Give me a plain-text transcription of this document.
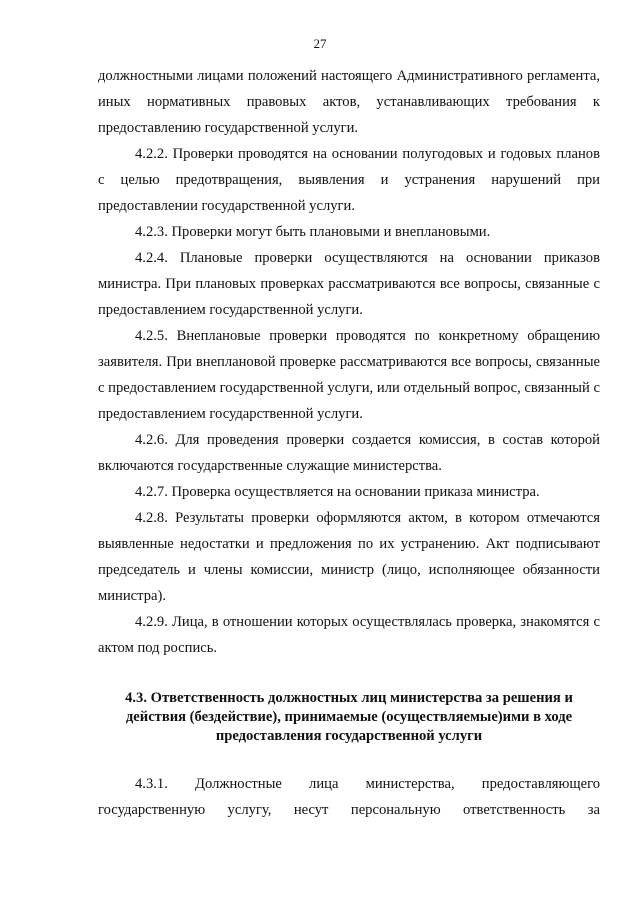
27

должностными лицами положений настоящего Административного регламента, иных нормативных правовых актов, устанавливающих требования к предоставлению государственной услуги.

4.2.2. Проверки проводятся на основании полугодовых и годовых планов с целью предотвращения, выявления и устранения нарушений при предоставлении государственной услуги.

4.2.3. Проверки могут быть плановыми и внеплановыми.

4.2.4. Плановые проверки осуществляются на основании приказов министра. При плановых проверках рассматриваются все вопросы, связанные с предоставлением государственной услуги.

4.2.5. Внеплановые проверки проводятся по конкретному обращению заявителя. При внеплановой проверке рассматриваются все вопросы, связанные с предоставлением государственной услуги, или отдельный вопрос, связанный с предоставлением государственной услуги.

4.2.6. Для проведения проверки создается комиссия, в состав которой включаются государственные служащие министерства.

4.2.7. Проверка осуществляется на основании приказа министра.

4.2.8. Результаты проверки оформляются актом, в котором отмечаются выявленные недостатки и предложения по их устранению. Акт подписывают председатель и члены комиссии, министр (лицо, исполняющее обязанности министра).

4.2.9. Лица, в отношении которых осуществлялась проверка, знакомятся с актом под роспись.

4.3. Ответственность должностных лиц министерства за решения и
действия (бездействие), принимаемые (осуществляемые)ими в ходе
предоставления государственной услуги

4.3.1. Должностные лица министерства, предоставляющего государственную услугу, несут персональную ответственность за
